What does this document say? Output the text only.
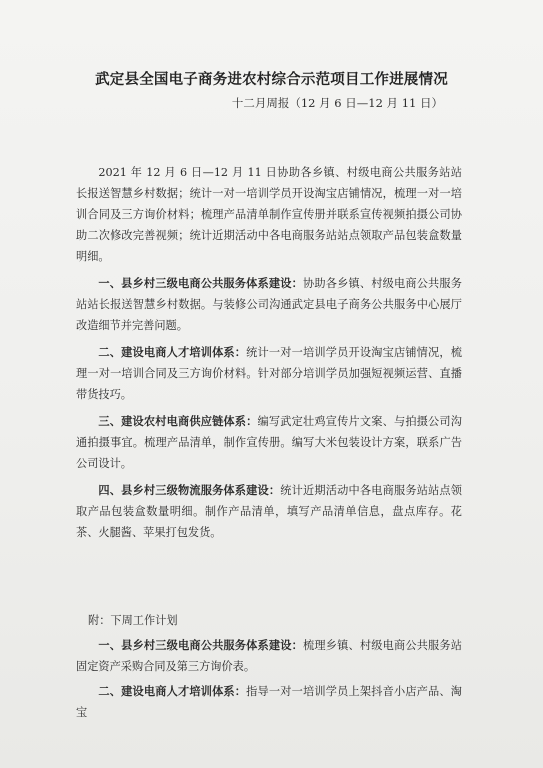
武定县全国电子商务进农村综合示范项目工作进展情况
十二月周报（12 月 6 日—12 月 11 日）

2021 年 12 月 6 日—12 月 11 日协助各乡镇、村级电商公共服务站站长报送智慧乡村数据；统计一对一培训学员开设淘宝店铺情况，梳理一对一培训合同及三方询价材料；梳理产品清单制作宣传册并联系宣传视频拍摄公司协助二次修改完善视频；统计近期活动中各电商服务站站点领取产品包装盒数量明细。

一、县乡村三级电商公共服务体系建设：协助各乡镇、村级电商公共服务站站长报送智慧乡村数据。与装修公司沟通武定县电子商务公共服务中心展厅改造细节并完善问题。

二、建设电商人才培训体系：统计一对一培训学员开设淘宝店铺情况，梳理一对一培训合同及三方询价材料。针对部分培训学员加强短视频运营、直播带货技巧。

三、建设农村电商供应链体系：编写武定壮鸡宣传片文案、与拍摄公司沟通拍摄事宜。梳理产品清单，制作宣传册。编写大米包装设计方案，联系广告公司设计。

四、县乡村三级物流服务体系建设：统计近期活动中各电商服务站站点领取产品包装盒数量明细。制作产品清单，填写产品清单信息，盘点库存。花茶、火腿酱、苹果打包发货。

附：下周工作计划

一、县乡村三级电商公共服务体系建设：梳理乡镇、村级电商公共服务站固定资产采购合同及第三方询价表。

二、建设电商人才培训体系：指导一对一培训学员上架抖音小店产品、淘宝
